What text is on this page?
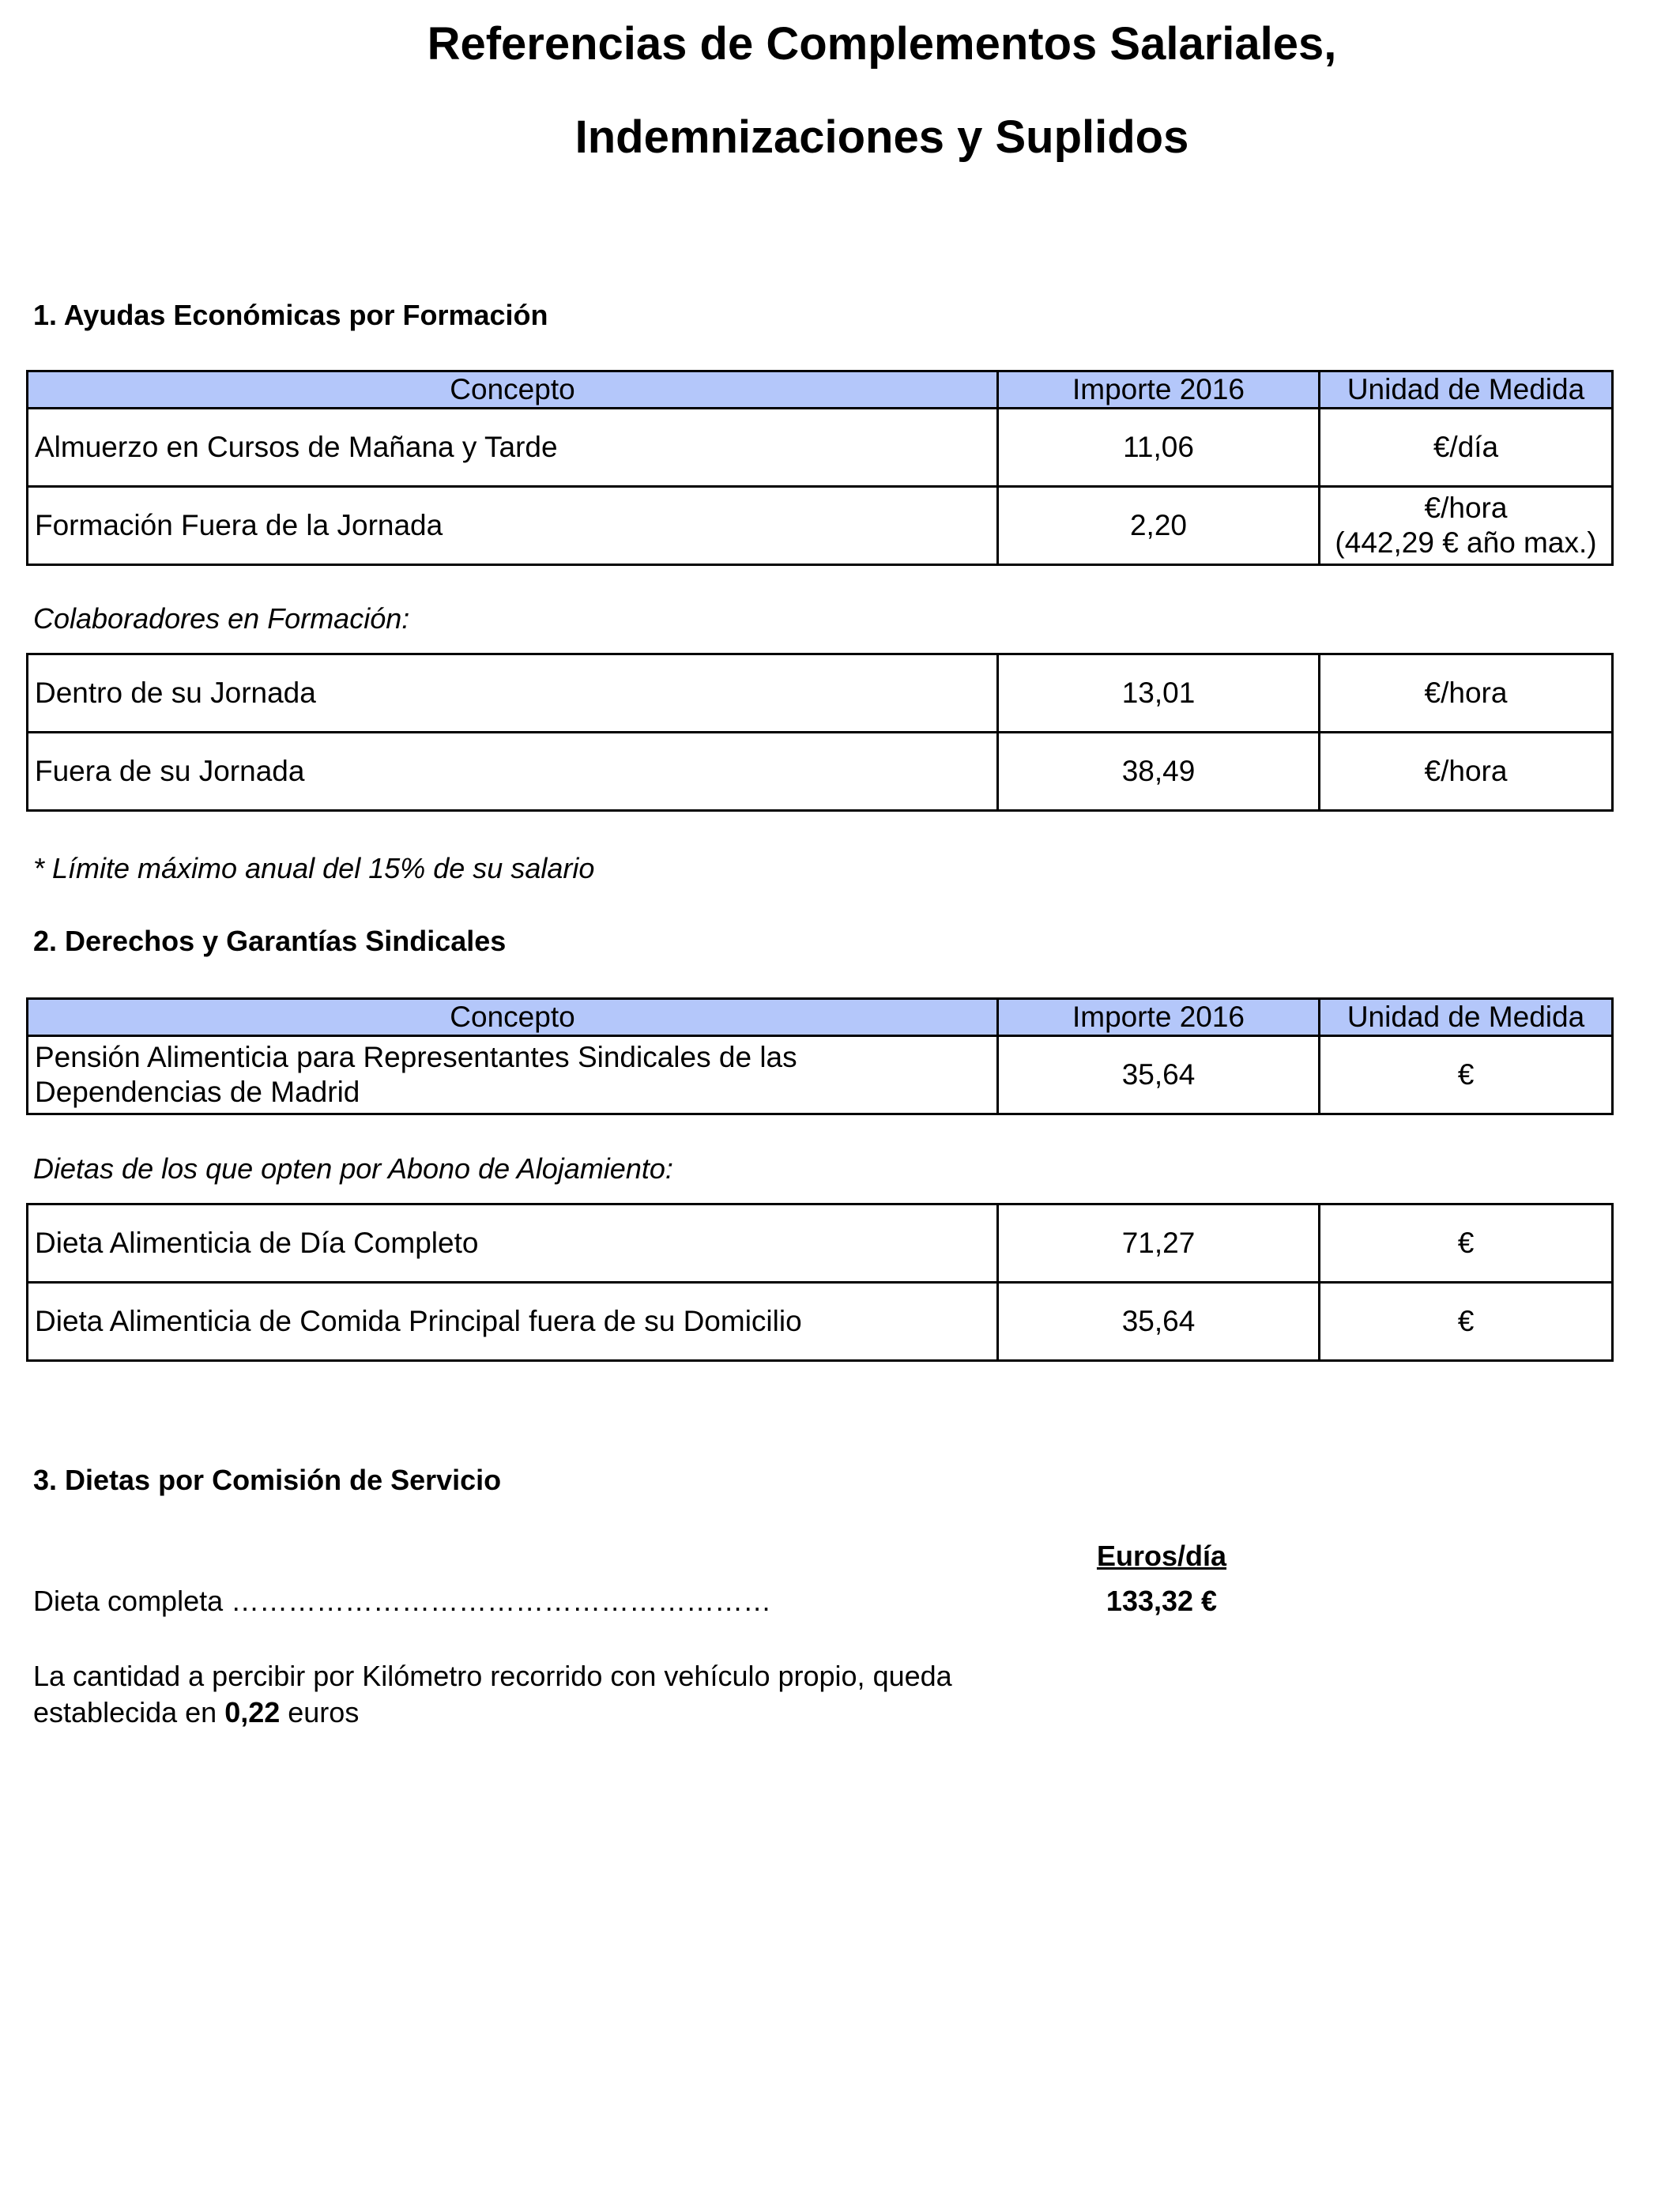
Referencias de Complementos Salariales,
Indemnizaciones y Suplidos
1. Ayudas Económicas por Formación
Concepto	Importe 2016	Unidad de Medida
Almuerzo en Cursos de Mañana y Tarde	11,06	€/día
Formación Fuera de la Jornada	2,20	€/hora
(442,29 € año max.)

Colaboradores en Formación:

Dentro de su Jornada	13,01	€/hora
Fuera de su Jornada	38,49	€/hora

* Límite máximo anual del 15% de su salario

2. Derechos y Garantías Sindicales
Concepto	Importe 2016	Unidad de Medida

Pensión Alimenticia para Representantes Sindicales de las
Dependencias de Madrid	35,64	€

Dietas de los que opten por Abono de Alojamiento:

Dieta Alimenticia de Día Completo	71,27	€
Dieta Alimenticia de Comida Principal fuera de su Domicilio	35,64	€
3. Dietas por Comisión de Servicio
Euros/día
Dieta completa …………………………………………………	133,32 €
La cantidad a percibir por Kilómetro recorrido con vehículo propio, queda establecida en 0,22 euros
